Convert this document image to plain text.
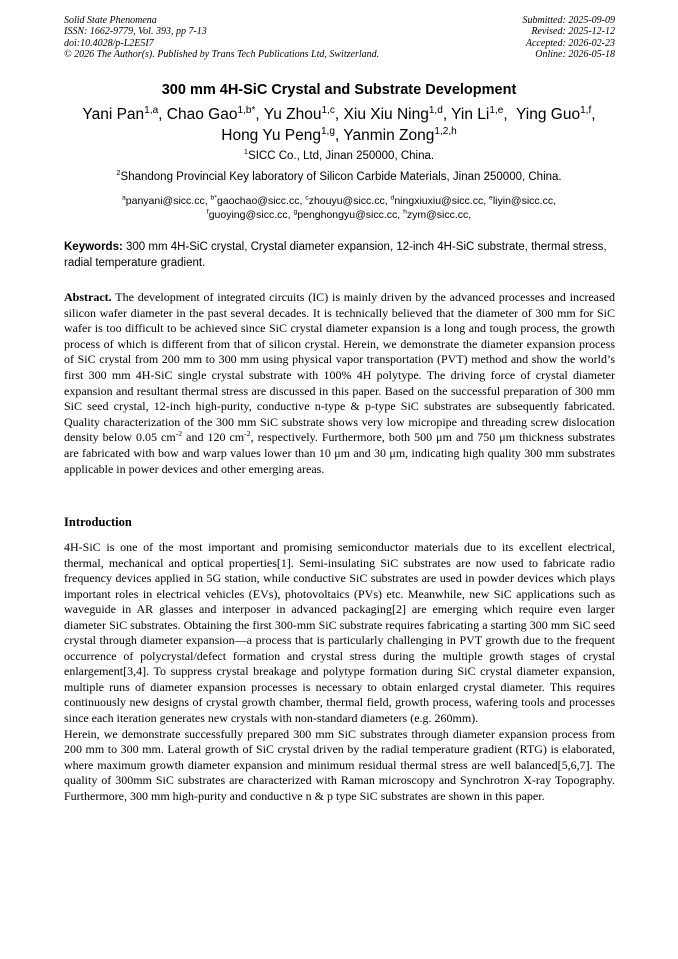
Solid State Phenomena
ISSN: 1662-9779, Vol. 393, pp 7-13
doi:10.4028/p-L2E5I7
© 2026 The Author(s). Published by Trans Tech Publications Ltd, Switzerland.
Submitted: 2025-09-09
Revised: 2025-12-12
Accepted: 2026-02-23
Online: 2026-05-18
300 mm 4H-SiC Crystal and Substrate Development
Yani Pan$^{1,a}$, Chao Gao$^{1,b*}$, Yu Zhou$^{1,c}$, Xiu Xiu Ning$^{1,d}$, Yin Li$^{1,e}$,  Ying Guo$^{1,f}$,
Hong Yu Peng$^{1,g}$, Yanmin Zong$^{1,2,h}$
$^1$SICC Co., Ltd, Jinan 250000, China.
$^2$Shandong Provincial Key laboratory of Silicon Carbide Materials, Jinan 250000, China.
$^a$panyani@sicc.cc, $^{b*}$gaochao@sicc.cc, $^c$zhouyu@sicc.cc, $^d$ningxiuxiu@sicc.cc, $^e$liyin@sicc.cc,
$^f$guoying@sicc.cc, $^g$penghongyu@sicc.cc, $^h$zym@sicc.cc,
Keywords: 300 mm 4H-SiC crystal, Crystal diameter expansion, 12-inch 4H-SiC substrate, thermal stress, radial temperature gradient.
Abstract. The development of integrated circuits (IC) is mainly driven by the advanced processes and increased silicon wafer diameter in the past several decades. It is technically believed that the diameter of 300 mm for SiC wafer is too difficult to be achieved since SiC crystal diameter expansion is a long and tough process, the growth process of which is different from that of silicon crystal. Herein, we demonstrate the diameter expansion process of SiC crystal from 200 mm to 300 mm using physical vapor transportation (PVT) method and show the world’s first 300 mm 4H-SiC single crystal substrate with 100% 4H polytype. The driving force of crystal diameter expansion and resultant thermal stress are discussed in this paper. Based on the successful preparation of 300 mm SiC seed crystal, 12-inch high-purity, conductive n-type & p-type SiC substrates are subsequently fabricated. Quality characterization of the 300 mm SiC substrate shows very low micropipe and threading screw dislocation density below 0.05 $cm^{-2}$ and 120 $cm^{-2}$, respectively. Furthermore, both 500 μm and 750 μm thickness substrates are fabricated with bow and warp values lower than 10 μm and 30 μm, indicating high quality 300 mm substrates applicable in power devices and other emerging areas.
Introduction

4H-SiC is one of the most important and promising semiconductor materials due to its excellent electrical, thermal, mechanical and optical properties[1]. Semi-insulating SiC substrates are now used to fabricate radio frequency devices applied in 5G station, while conductive SiC substrates are used in powder devices which plays important roles in electrical vehicles (EVs), photovoltaics (PVs) etc. Meanwhile, new SiC applications such as waveguide in AR glasses and interposer in advanced packaging[2] are emerging which require even larger diameter SiC substrates. Obtaining the first 300-mm SiC substrate requires fabricating a starting 300 mm SiC seed crystal through diameter expansion—a process that is particularly challenging in PVT growth due to the frequent occurrence of polycrystal/defect formation and crystal stress during the multiple growth stages of crystal enlargement[3,4]. To suppress crystal breakage and polytype formation during SiC crystal diameter expansion, multiple runs of diameter expansion processes is necessary to obtain enlarged crystal diameter. This requires continuously new designs of crystal growth chamber, thermal field, growth process, wafering tools and processes since each iteration generates new crystals with non-standard diameters (e.g. 260mm).

Herein, we demonstrate successfully prepared 300 mm SiC substrates through diameter expansion process from 200 mm to 300 mm. Lateral growth of SiC crystal driven by the radial temperature gradient (RTG) is elaborated, where maximum growth diameter expansion and minimum residual thermal stress are well balanced[5,6,7]. The quality of 300mm SiC substrates are characterized with Raman microscopy and Synchrotron X-ray Topography. Furthermore, 300 mm high-purity and conductive n & p type SiC substrates are shown in this paper.
